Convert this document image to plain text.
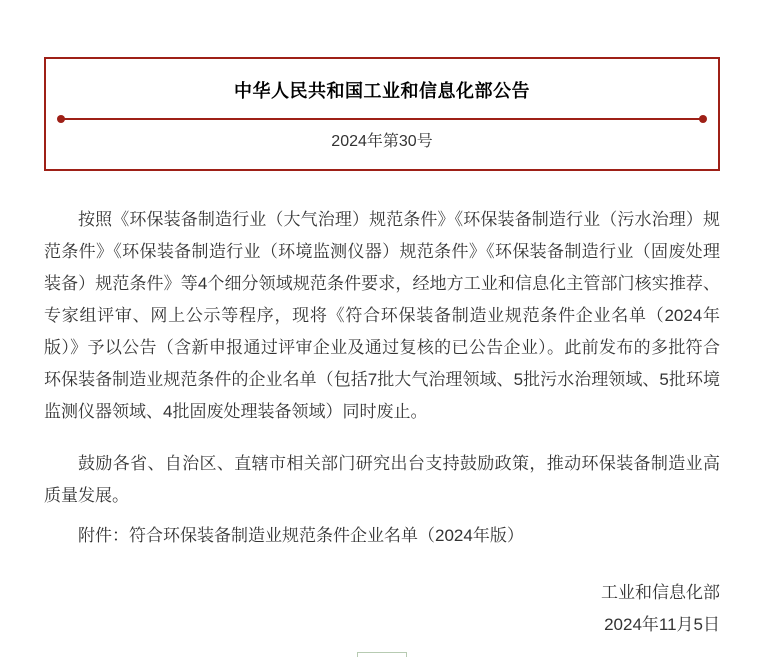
中华人民共和国工业和信息化部公告
2024年第30号

按照《环保装备制造行业（大气治理）规范条件》《环保装备制造行业（污水治理）规范条件》《环保装备制造行业（环境监测仪器）规范条件》《环保装备制造行业（固废处理装备）规范条件》等4个细分领域规范条件要求，经地方工业和信息化主管部门核实推荐、专家组评审、网上公示等程序，现将《符合环保装备制造业规范条件企业名单（2024年版）》予以公告（含新申报通过评审企业及通过复核的已公告企业）。此前发布的多批符合环保装备制造业规范条件的企业名单（包括7批大气治理领域、5批污水治理领域、5批环境监测仪器领域、4批固废处理装备领域）同时废止。

鼓励各省、自治区、直辖市相关部门研究出台支持鼓励政策，推动环保装备制造业高质量发展。

附件：符合环保装备制造业规范条件企业名单（2024年版）

工业和信息化部
2024年11月5日
